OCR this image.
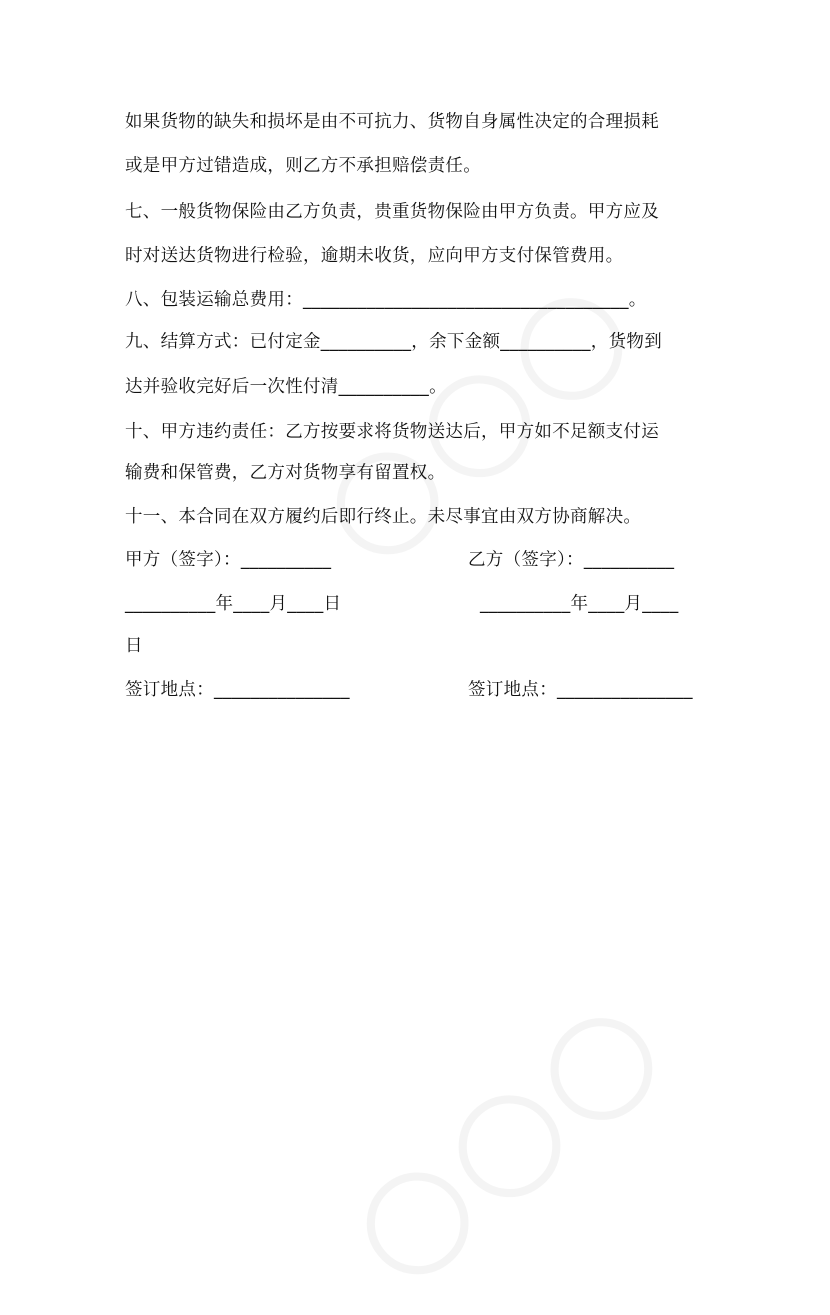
如果货物的缺失和损坏是由不可抗力、货物自身属性决定的合理损耗
或是甲方过错造成，则乙方不承担赔偿责任。
七、一般货物保险由乙方负责，贵重货物保险由甲方负责。甲方应及
时对送达货物进行检验，逾期未收货，应向甲方支付保管费用。
八、包装运输总费用：____________________________________。
九、结算方式：已付定金__________，余下金额__________，货物到
达并验收完好后一次性付清__________。
十、甲方违约责任：乙方按要求将货物送达后，甲方如不足额支付运
输费和保管费，乙方对货物享有留置权。
十一、本合同在双方履约后即行终止。未尽事宜由双方协商解决。
甲方（签字）：__________	乙方（签字）：__________
__________年____月____日	__________年____月____
日
签订地点：_______________	签订地点：_______________
